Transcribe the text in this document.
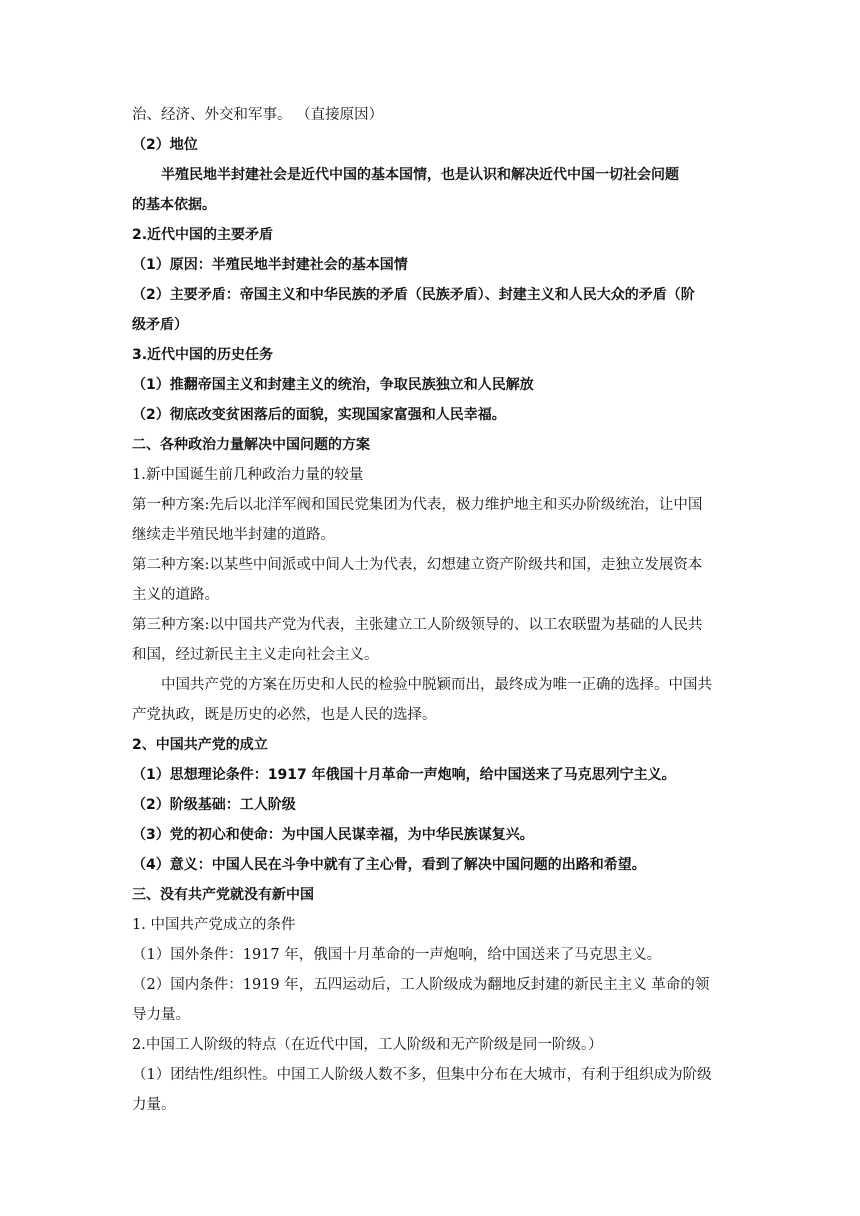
治、经济、外交和军事。 （直接原因）
（2）地位
半殖民地半封建社会是近代中国的基本国情，也是认识和解决近代中国一切社会问题
的基本依据。
2.近代中国的主要矛盾
（1）原因：半殖民地半封建社会的基本国情
（2）主要矛盾：帝国主义和中华民族的矛盾（民族矛盾）、封建主义和人民大众的矛盾（阶
级矛盾）
3.近代中国的历史任务
（1）推翻帝国主义和封建主义的统治，争取民族独立和人民解放
（2）彻底改变贫困落后的面貌，实现国家富强和人民幸福。
二、各种政治力量解决中国问题的方案
1.新中国诞生前几种政治力量的较量
第一种方案:先后以北洋军阀和国民党集团为代表，极力维护地主和买办阶级统治，让中国
继续走半殖民地半封建的道路。
第二种方案:以某些中间派或中间人士为代表，幻想建立资产阶级共和国，走独立发展资本
主义的道路。
第三种方案:以中国共产党为代表，主张建立工人阶级领导的、以工农联盟为基础的人民共
和国，经过新民主主义走向社会主义。
中国共产党的方案在历史和人民的检验中脱颖而出，最终成为唯一正确的选择。中国共
产党执政，既是历史的必然，也是人民的选择。
2、中国共产党的成立
（1）思想理论条件：1917 年俄国十月革命一声炮响，给中国送来了马克思列宁主义。
（2）阶级基础：工人阶级
（3）党的初心和使命：为中国人民谋幸福，为中华民族谋复兴。
（4）意义：中国人民在斗争中就有了主心骨，看到了解决中国问题的出路和希望。
三、没有共产党就没有新中国
1. 中国共产党成立的条件
（1）国外条件：1917 年，俄国十月革命的一声炮响，给中国送来了马克思主义。
（2）国内条件：1919 年，五四运动后，工人阶级成为翻地反封建的新民主主义 革命的领
导力量。
2.中国工人阶级的特点（在近代中国，工人阶级和无产阶级是同一阶级。）
（1）团结性/组织性。中国工人阶级人数不多，但集中分布在大城市，有利于组织成为阶级
力量。
